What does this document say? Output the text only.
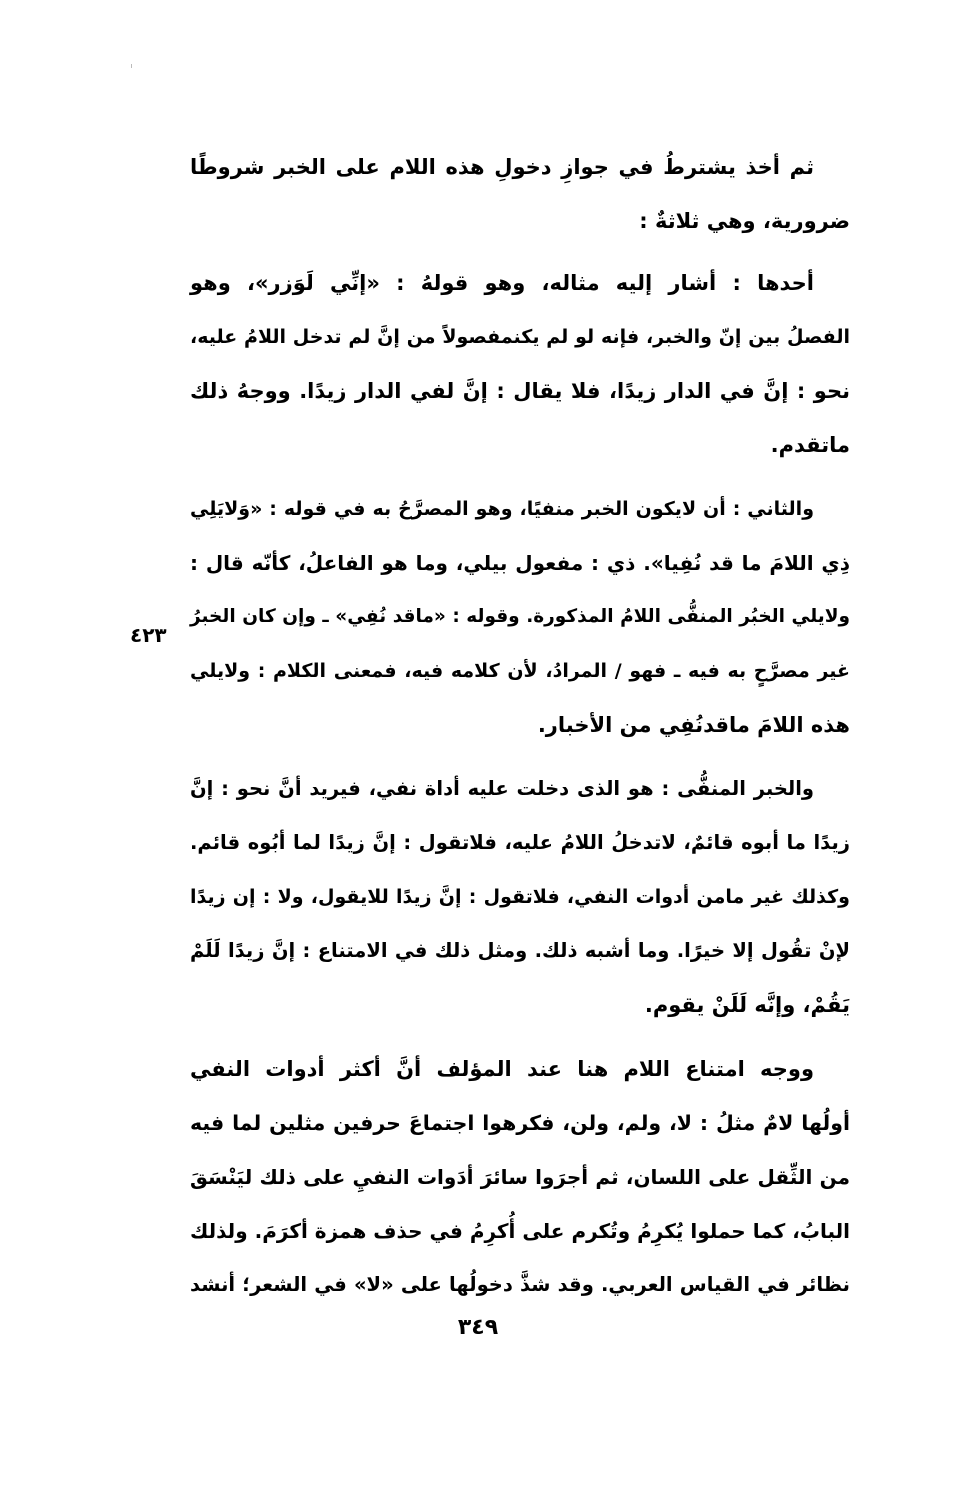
ثم أخذ يشترطُ في جوازِ دخولِ هذه اللام على الخبر شروطًا
ضرورية، وهي ثلاثةٌ :
أحدها : أشار إليه مثاله، وهو قولهُ : «إنِّي لَوَزر»، وهو
الفصلُ بين إنّ والخبر، فإنه لو لم يكنمفصولاً من إنَّ لم تدخل اللامُ عليه،
نحو : إنَّ في الدار زيدًا، فلا يقال : إنَّ لفي الدار زيدًا. ووجهُ ذلك
ماتقدم.
والثاني : أن لايكون الخبر منفيًا، وهو المصرَّحُ به في قوله : «وَلايَلِي
ذِي اللامَ ما قد نُفِيا». ذي : مفعول بيلي، وما هو الفاعلُ، كأنّه قال :
ولايلي الخبُر المنفُّى اللامُ المذكورة. وقوله : «ماقد نُفِي» ـ وإن كان الخبرُ
غير مصرَّحٍ به فيه ـ فهو / المرادُ، لأن كلامه فيه، فمعنى الكلام : ولايلي
هذه اللامَ ماقدنُفِي من الأخبار.
والخبر المنفُّى : هو الذى دخلت عليه أداة نفي، فيريد أنَّ نحو : إنَّ
زيدًا ما أبوه قائمٌ، لاتدخلُ اللامُ عليه، فلاتقول : إنَّ زيدًا لما أبُوه قائم.
وكذلك غير مامن أدوات النفي، فلاتقول : إنَّ زيدًا للايقول، ولا : إن زيدًا
لإنْ تقُول إلا خيرًا. وما أشبه ذلك. ومثل ذلك في الامتناع : إنَّ زيدًا لَلَمْ
يَقُمْ، وإنَّه لَلَنْ يقوم.
ووجه امتناع اللام هنا عند المؤلف أنَّ أكثر أدوات النفي
أولُها لامٌ مثلُ : لا، ولم، ولن، فكرهوا اجتماعَ حرفين مثلين لما فيه
من الثِّقل على اللسان، ثم أجرَوا سائرَ أدَوات النفيِ على ذلك ليَنْسَقَ
البابُ، كما حملوا يُكرِمُ وتُكرم على أُكرِمُ في حذف همزة أكرَمَ. ولذلك
نظائر في القياس العربي. وقد شذَّ دخولُها على «لا» في الشعر؛ أنشد
٤٢٣
٣٤٩
